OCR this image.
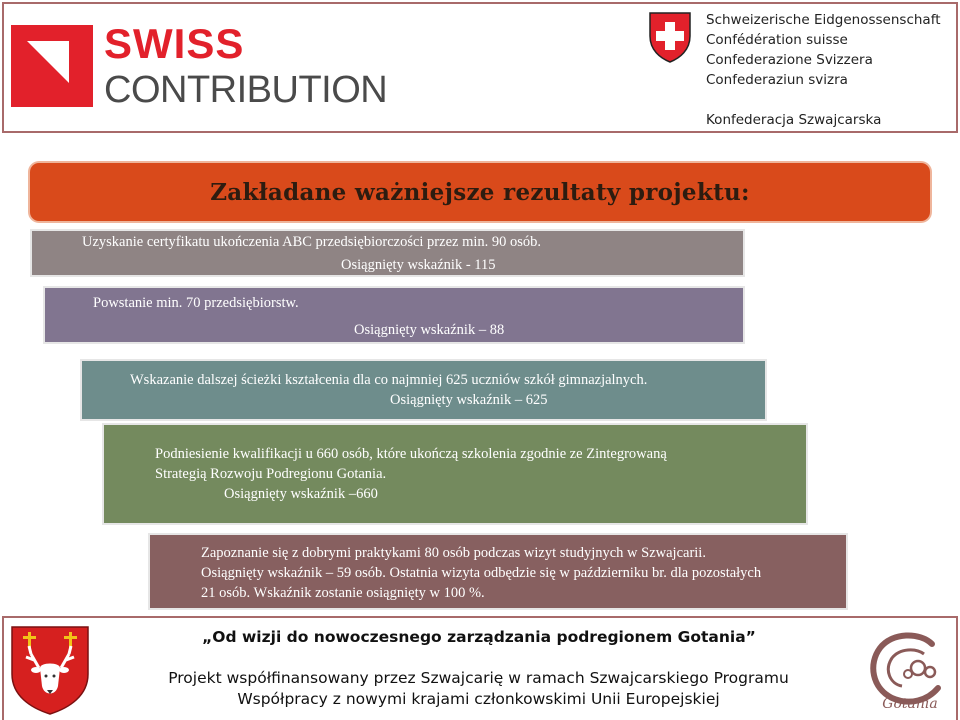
SWISS
CONTRIBUTION
Schweizerische Eidgenossenschaft
Confédération suisse
Confederazione Svizzera
Confederaziun svizra
Konfederacja Szwajcarska
Zakładane ważniejsze rezultaty projektu:
Uzyskanie certyfikatu ukończenia ABC przedsiębiorczości przez min. 90 osób.
Osiągnięty wskaźnik - 115
Powstanie min. 70 przedsiębiorstw.
Osiągnięty wskaźnik – 88
Wskazanie dalszej ścieżki kształcenia dla co najmniej 625 uczniów szkół gimnazjalnych.
Osiągnięty wskaźnik – 625
Podniesienie kwalifikacji u 660 osób, które ukończą szkolenia zgodnie ze Zintegrowaną
Strategią Rozwoju Podregionu Gotania.
Osiągnięty wskaźnik –660
Zapoznanie się z dobrymi praktykami 80 osób podczas wizyt studyjnych w Szwajcarii.
Osiągnięty wskaźnik – 59 osób. Ostatnia wizyta odbędzie się w październiku br. dla pozostałych
21 osób. Wskaźnik zostanie osiągnięty w 100 %.
„Od wizji do nowoczesnego zarządzania podregionem Gotania”
Projekt współfinansowany przez Szwajcarię w ramach Szwajcarskiego Programu
Współpracy z nowymi krajami członkowskimi Unii Europejskiej	Gotania
